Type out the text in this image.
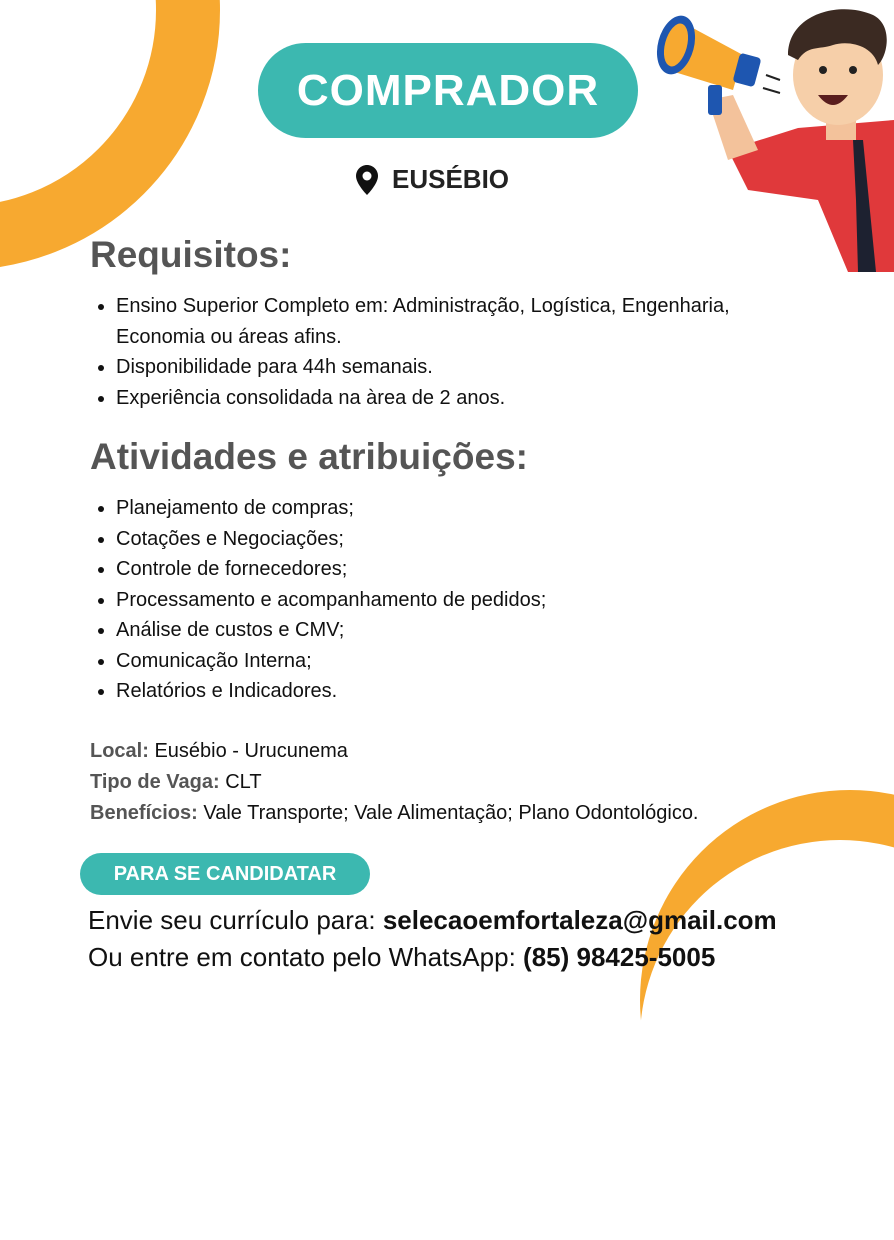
COMPRADOR
EUSÉBIO
Requisitos:
Ensino Superior Completo em: Administração, Logística, Engenharia,
Economia ou áreas afins.
Disponibilidade para 44h semanais.
Experiência consolidada na àrea de 2 anos.
Atividades e atribuições:
Planejamento de compras;
Cotações e Negociações;
Controle de fornecedores;
Processamento e acompanhamento de pedidos;
Análise de custos e CMV;
Comunicação Interna;
Relatórios e Indicadores.
Local: Eusébio - Urucunema
Tipo de Vaga: CLT
Benefícios: Vale Transporte; Vale Alimentação; Plano Odontológico.
PARA SE CANDIDATAR
Envie seu currículo para: selecaoemfortaleza@gmail.com
Ou entre em contato pelo WhatsApp: (85) 98425-5005
